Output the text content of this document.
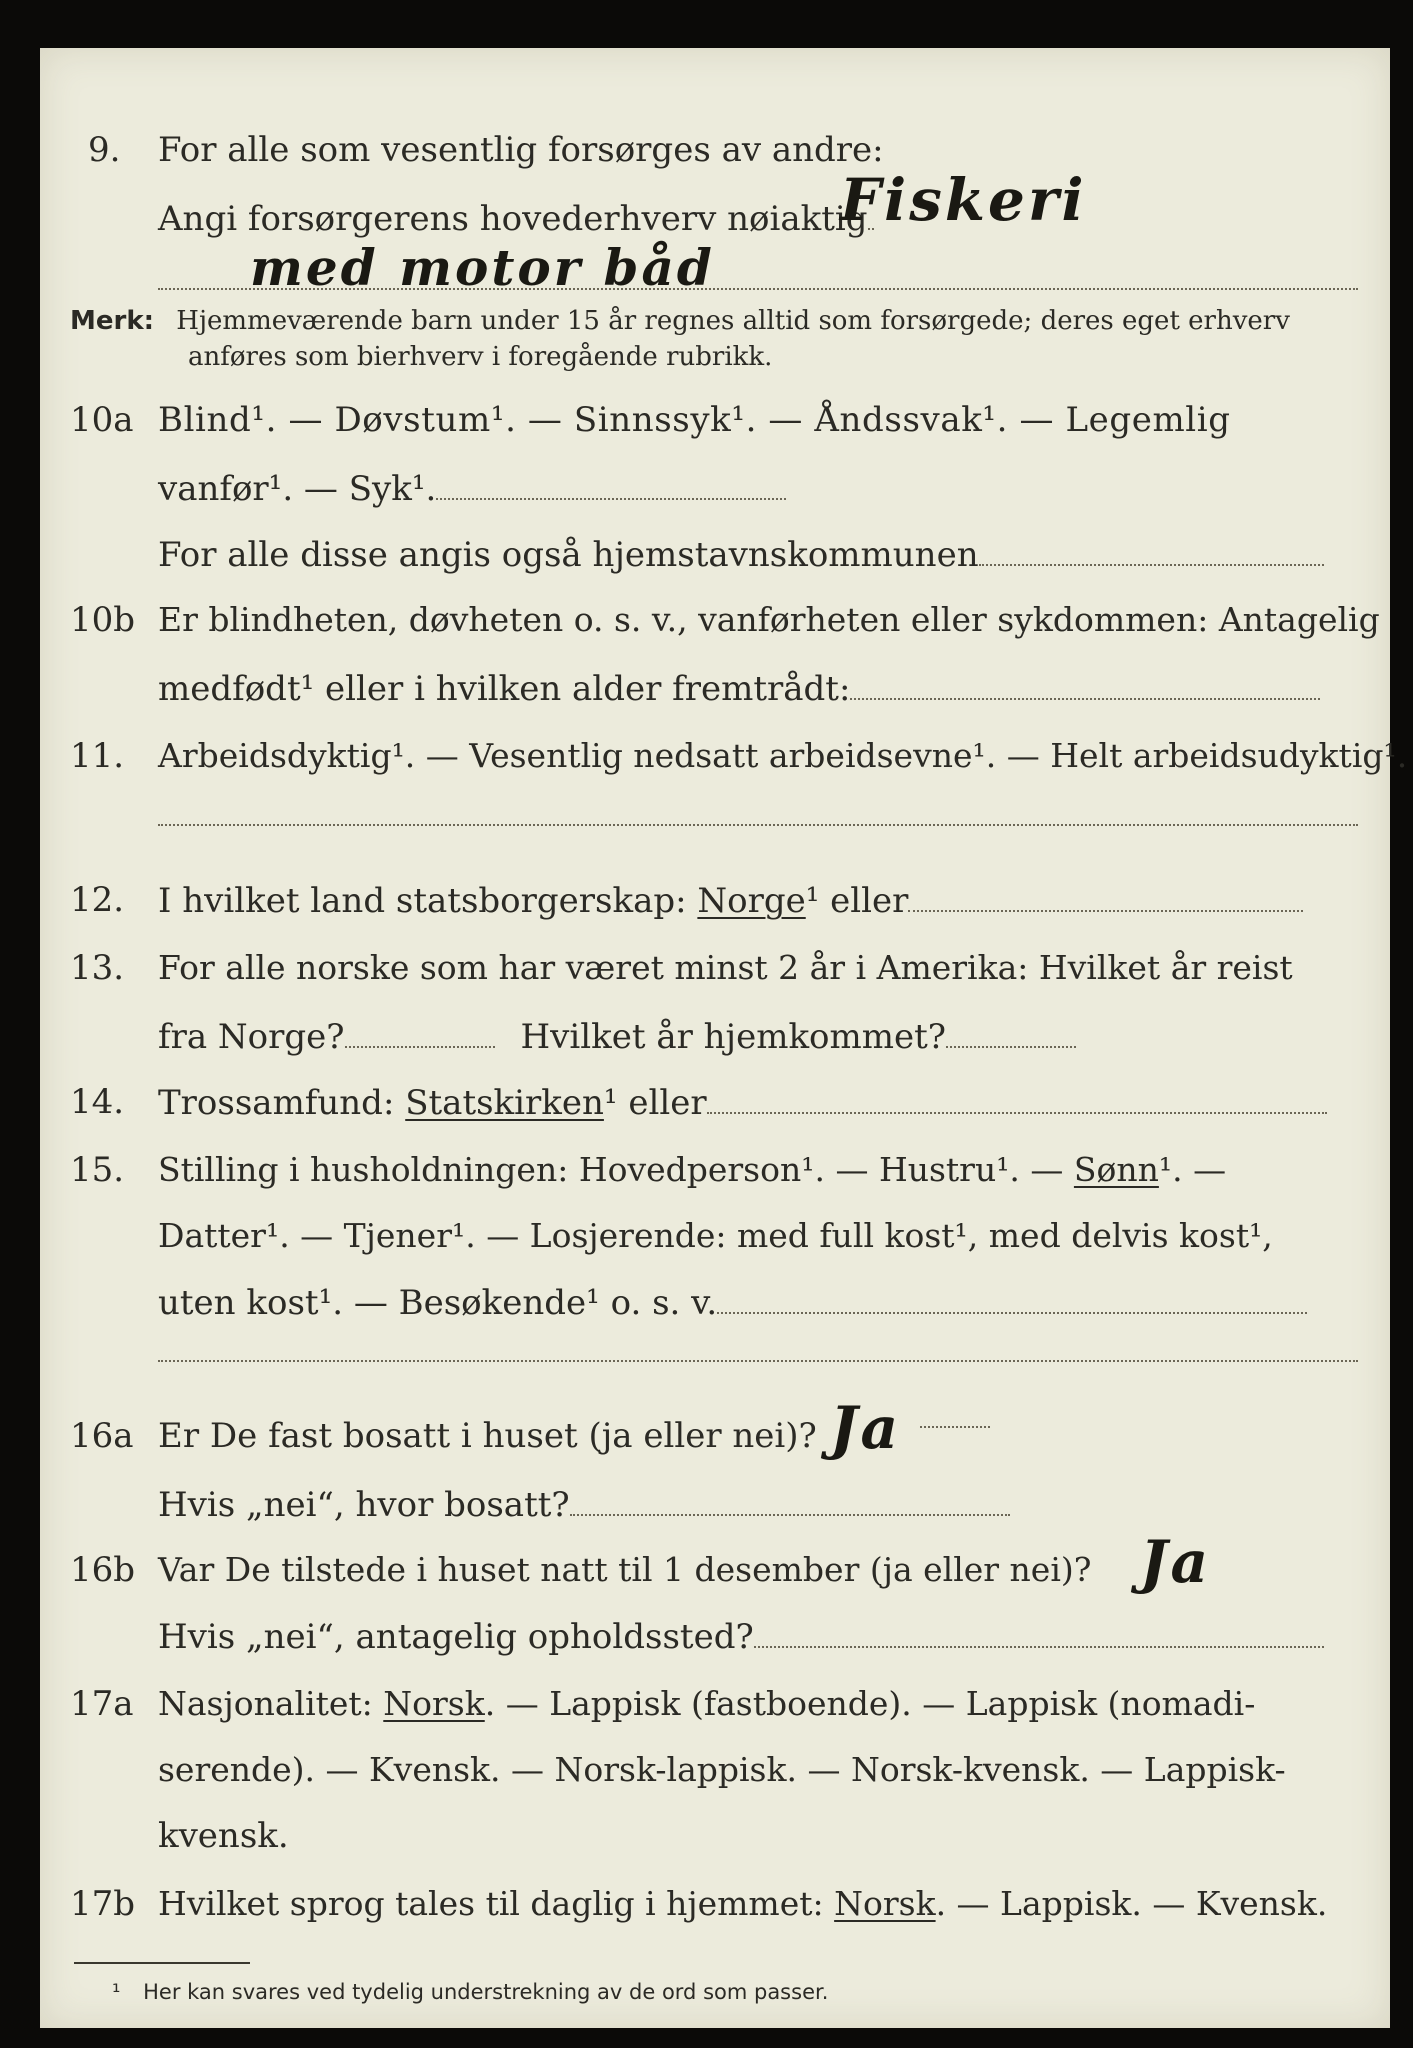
9. For alle som vesentlig forsørges av andre:
Angi forsørgerens hovederhverv nøiaktig
Fiskeri
med motor båd
Merk: Hjemmeværende barn under 15 år regnes alltid som forsørgede; deres eget erhverv
anføres som bierhverv i foregående rubrikk.
10a Blind¹. — Døvstum¹. — Sinnssyk¹. — Åndssvak¹. — Legemlig
vanfør¹. — Syk¹.
For alle disse angis også hjemstavnskommunen
10b Er blindheten, døvheten o. s. v., vanførheten eller sykdommen: Antagelig
medfødt¹ eller i hvilken alder fremtrådt:
11. Arbeidsdyktig¹. — Vesentlig nedsatt arbeidsevne¹. — Helt arbeidsudyktig¹.
12. I hvilket land statsborgerskap: Norge¹ eller
13. For alle norske som har været minst 2 år i Amerika: Hvilket år reist
fra Norge?	Hvilket år hjemkommet?
14. Trossamfund: Statskirken¹ eller
15. Stilling i husholdningen: Hovedperson¹. — Hustru¹. — Sønn¹. —
Datter¹. — Tjener¹. — Losjerende: med full kost¹, med delvis kost¹,
uten kost¹. — Besøkende¹ o. s. v.
16a Er De fast bosatt i huset (ja eller nei)? Ja
Hvis „nei“, hvor bosatt?
16b Var De tilstede i huset natt til 1 desember (ja eller nei)? Ja
Hvis „nei“, antagelig opholdssted?
17a Nasjonalitet: Norsk. — Lappisk (fastboende). — Lappisk (nomadi-
serende). — Kvensk. — Norsk-lappisk. — Norsk-kvensk. — Lappisk-
kvensk.
17b Hvilket sprog tales til daglig i hjemmet: Norsk. — Lappisk. — Kvensk.
¹ Her kan svares ved tydelig understrekning av de ord som passer.
